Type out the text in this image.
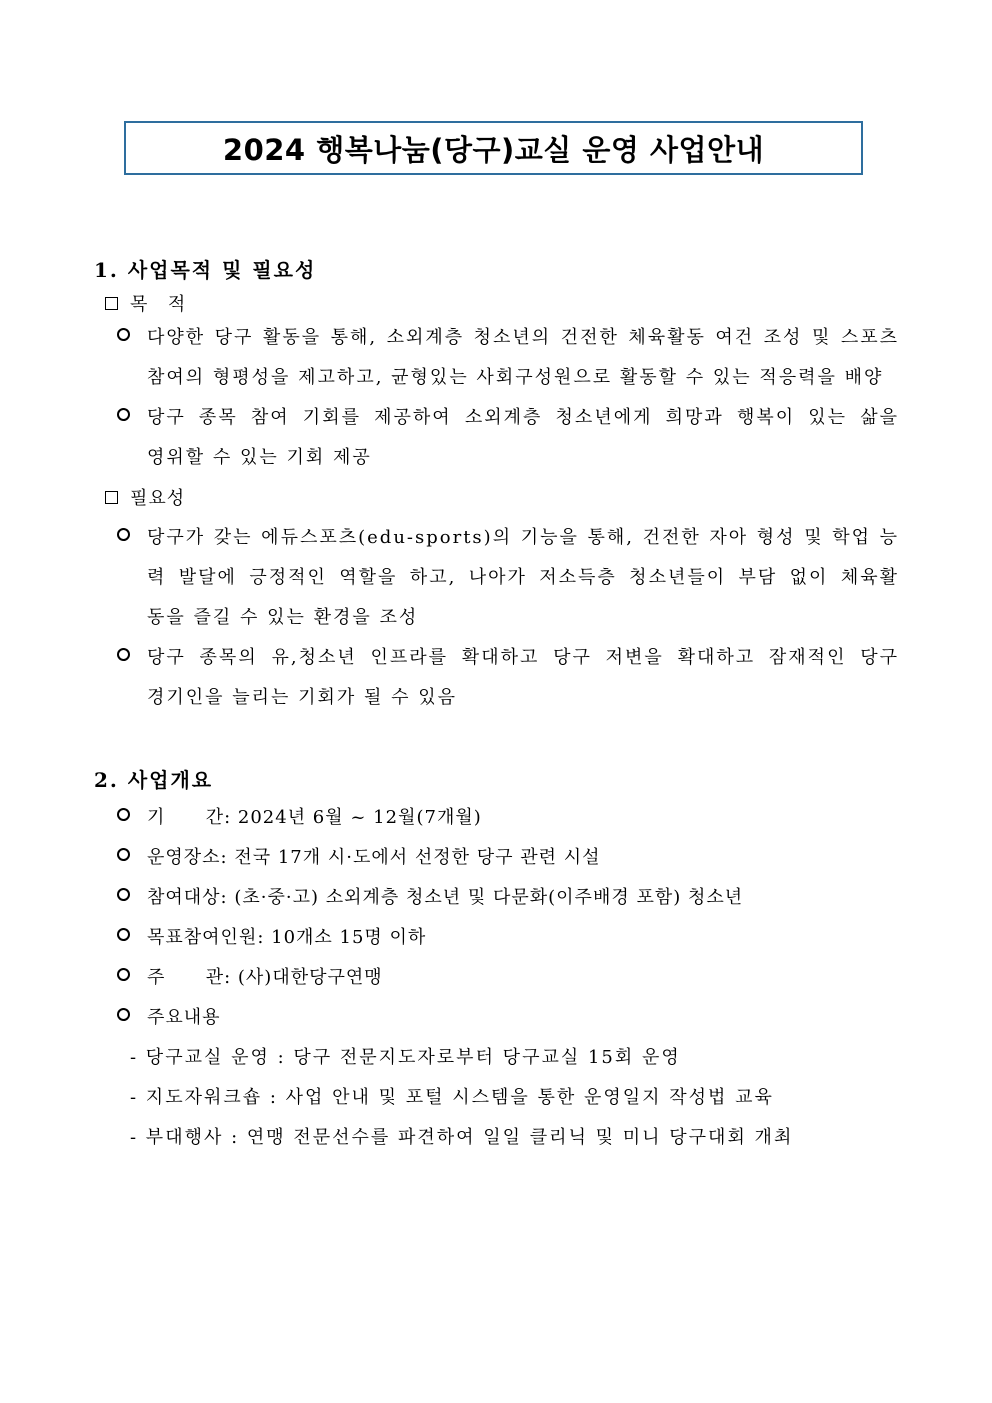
2024 행복나눔(당구)교실 운영 사업안내
1. 사업목적 및 필요성
목  적
다양한 당구 활동을 통해, 소외계층 청소년의 건전한 체육활동 여건 조성 및 스포츠
참여의 형평성을 제고하고, 균형있는 사회구성원으로 활동할 수 있는 적응력을 배양
당구 종목 참여 기회를 제공하여 소외계층 청소년에게 희망과 행복이 있는 삶을
영위할 수 있는 기회 제공
필요성
당구가 갖는 에듀스포츠(edu-sports)의 기능을 통해, 건전한 자아 형성 및 학업 능
력 발달에 긍정적인 역할을 하고, 나아가 저소득층 청소년들이 부담 없이 체육활
동을 즐길 수 있는 환경을 조성
당구 종목의 유,청소년 인프라를 확대하고 당구 저변을 확대하고 잠재적인 당구
경기인을 늘리는 기회가 될 수 있음
2. 사업개요
기      간: 2024년 6월 ~ 12월(7개월)
운영장소: 전국 17개 시·도에서 선정한 당구 관련 시설
참여대상: (초·중·고) 소외계층 청소년 및 다문화(이주배경 포함) 청소년
목표참여인원: 10개소 15명 이하
주      관: (사)대한당구연맹
주요내용
- 당구교실 운영 : 당구 전문지도자로부터 당구교실 15회 운영
- 지도자워크숍 : 사업 안내 및 포털 시스템을 통한 운영일지 작성법 교육
- 부대행사 : 연맹 전문선수를 파견하여 일일 클리닉 및 미니 당구대회 개최
